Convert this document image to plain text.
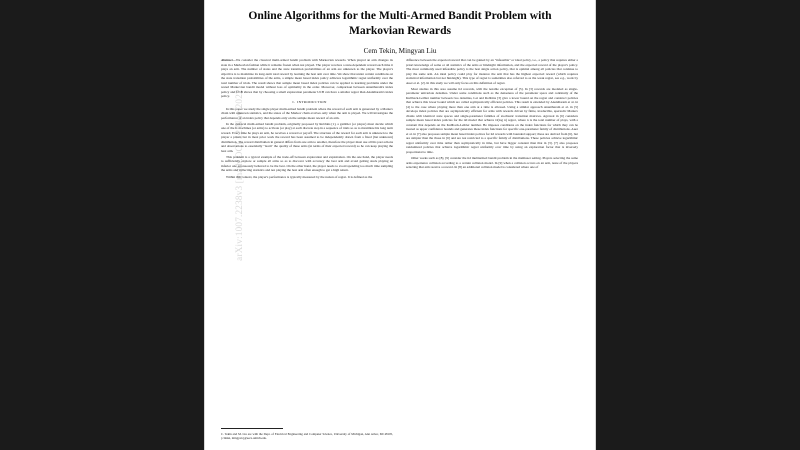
arXiv:1007.2238v3 [math.OC] 12 Nov 2022
Online Algorithms for the Multi-Armed Bandit Problem with Markovian Rewards
Cem Tekin, Mingyan Liu

Abstract—We consider the classical multi-armed bandit problem with Markovian rewards. When played an arm changes its state in a Markovian fashion while it remains frozen when not played. The player receives a state-dependent reward each time it plays an arm. The number of states and the state transition probabilities of an arm are unknown to the player. The player's objective is to maximize its long-term total reward by learning the best arm over time. We show that under certain conditions on the state transition probabilities of the arms, a simple mean based index policy achieves logarithmic regret uniformly over the total number of trials. The result shows that sample mean based index policies can be applied to learning problems under the rested Markovian bandit model without loss of optimality in the order. Moreover, comparison between Anantharam's index policy and UCB shows that by choosing a small exploration parameter UCB can have a smaller regret than Anantharam's index policy.

I.  INTRODUCTION

In this paper we study the single player multi-armed bandit problem where the reward of each arm is generated by a Markov chain with unknown statistics, and the states of the Markov chain evolves only when the arm is played. We will investigate the performance of an index policy that depends only on the sample mean reward of an arm.

In the classical multi-armed bandit problem, originally proposed by Robbins [1], a gambler (or player) must decide which one of the K machines (or arms) to activate (or play) at each discrete step in a sequence of trials so as to maximize his long term reward. Every time he plays an arm, he receives a reward or payoff. The structure of the reward for each arm is unknown to the player a priori, but in most prior work the reward has been assumed to be independently drawn from a fixed (but unknown) distribution. The reward distribution in general differs from one arm to another, therefore the player must use all his past actions and observations to essentially "learn" the quality of these arms (in terms of their expected reward) so he can keep playing the best arm.

This problem is a typical example of the trade-off between exploration and exploitation. On the one hand, the player needs to sufficiently explore or sample all arms so as to discover with accuracy the best arm and avoid getting stuck playing an inferior one erroneously believed to be the best. On the other hand, the player needs to avoid spending too much time sampling the arms and collecting statistics and not playing the best arm often enough to get a high return.

Within this context, the player's performance is typically measured by the notion of regret. It is defined as the

difference between the expected reward that can be gained by an "infeasible" or ideal policy, i.e., a policy that requires either a priori knowledge of some or all statistics of the arms or hindsight information, and the expected reward of the player's policy. The most commonly used infeasible policy is the best single action policy, that is optimal among all policies that continue to play the same arm. An ideal policy could play for instance the arm that has the highest expected reward (which requires statistical information but not hindsight). This type of regret is sometimes also referred to as the weak regret, see e.g., work by Auer et al. [2]. In this study we will only focus on this definition of regret.

Most studies in this area assume iid rewards, with the notable exception of [5]. In [3] rewards are modeled as single-parameter univariate densities. Under some conditions such as the denseness of the parameter space and continuity of the Kullback-Leibler number between two densities, Lai and Robbins [3] give a lower bound on the regret and construct policies that achieve this lower bound which are called asymptotically efficient policies. This result is extended by Anantharam et al. in [4] to the case where playing more than one arm at a time is allowed. Using a similar approach Anantharam et al. in [5] develops index policies that are asymptotically efficient for arms with rewards driven by finite, irreducible, aperiodic Markov chains with identical state spaces and single-parameter families of stochastic transition matrices. Agrawal in [6] considers sample mean based index policies for the iid model that achieve O(log n) regret, where n is the total number of plays, with a constant that depends on the Kullback-Leibler number. He imposes conditions on the index functions for which they can be treated as upper confidence bounds and generates these index functions for specific one-parameter family of distributions. Auer et al. in [7] also proposes sample mean based index polices for iid rewards with bounded support; these are derived from [6], but are simpler than the those in [6] and are not restricted to a specific family of distributions. These policies achieve logarithmic regret uniformly over time rather than asymptotically in time, but have bigger constant than that in [3]. [7] also proposes randomized policies that achieve logarithmic regret uniformly over time by using an exploration factor that is inversely proportional to time.

Other works such as [8], [9] consider the iid multiarmed bandit problem in the multiuser setting. Players selecting the same arms experience collision according to a certain collision model. In [9] when a collision occurs on an arm, none of the players selecting that arm receive a reward. In [8] an additional collision model is considered where one of

C. Tekin and M. Liu are with the Dept. of Electrical Engineering and Computer Science, University of Michigan, Ann Arbor, MI 48105, {cmtkn, mingyan}@eecs.umich.edu.
